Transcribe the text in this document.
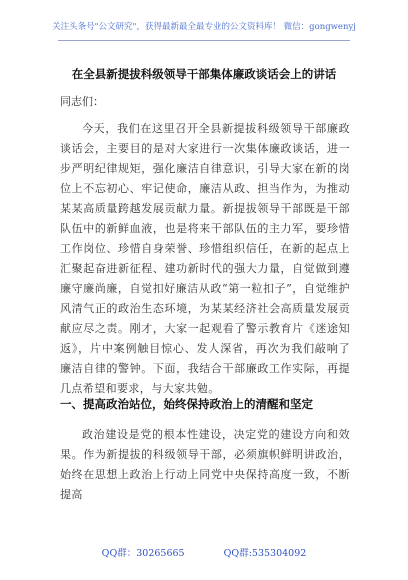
关注头条号"公文研究"，获得最新最全最专业的公文资料库！ 微信：gongwenyj
在全县新提拔科级领导干部集体廉政谈话会上的讲话
同志们：
今天，我们在这里召开全县新提拔科级领导干部廉政谈话会，主要目的是对大家进行一次集体廉政谈话，进一步严明纪律规矩，强化廉洁自律意识，引导大家在新的岗位上不忘初心、牢记使命，廉洁从政、担当作为，为推动某某高质量跨越发展贡献力量。新提拔领导干部既是干部队伍中的新鲜血液，也是将来干部队伍的主力军，要珍惜工作岗位、珍惜自身荣誉、珍惜组织信任，在新的起点上汇聚起奋进新征程、建功新时代的强大力量，自觉做到遵廉守廉尚廉，自觉扣好廉洁从政“第一粒扣子”，自觉维护风清气正的政治生态环境，为某某经济社会高质量发展贡献应尽之责。刚才，大家一起观看了警示教育片《迷途知返》，片中案例触目惊心、发人深省，再次为我们敲响了廉洁自律的警钟。下面，我结合干部廉政工作实际，再提几点希望和要求，与大家共勉。
一、提高政治站位，始终保持政治上的清醒和坚定
政治建设是党的根本性建设，决定党的建设方向和效果。作为新提拔的科级领导干部，必须旗帜鲜明讲政治，始终在思想上政治上行动上同党中央保持高度一致，不断提高
QQ群：30265665	QQ群:535304092
